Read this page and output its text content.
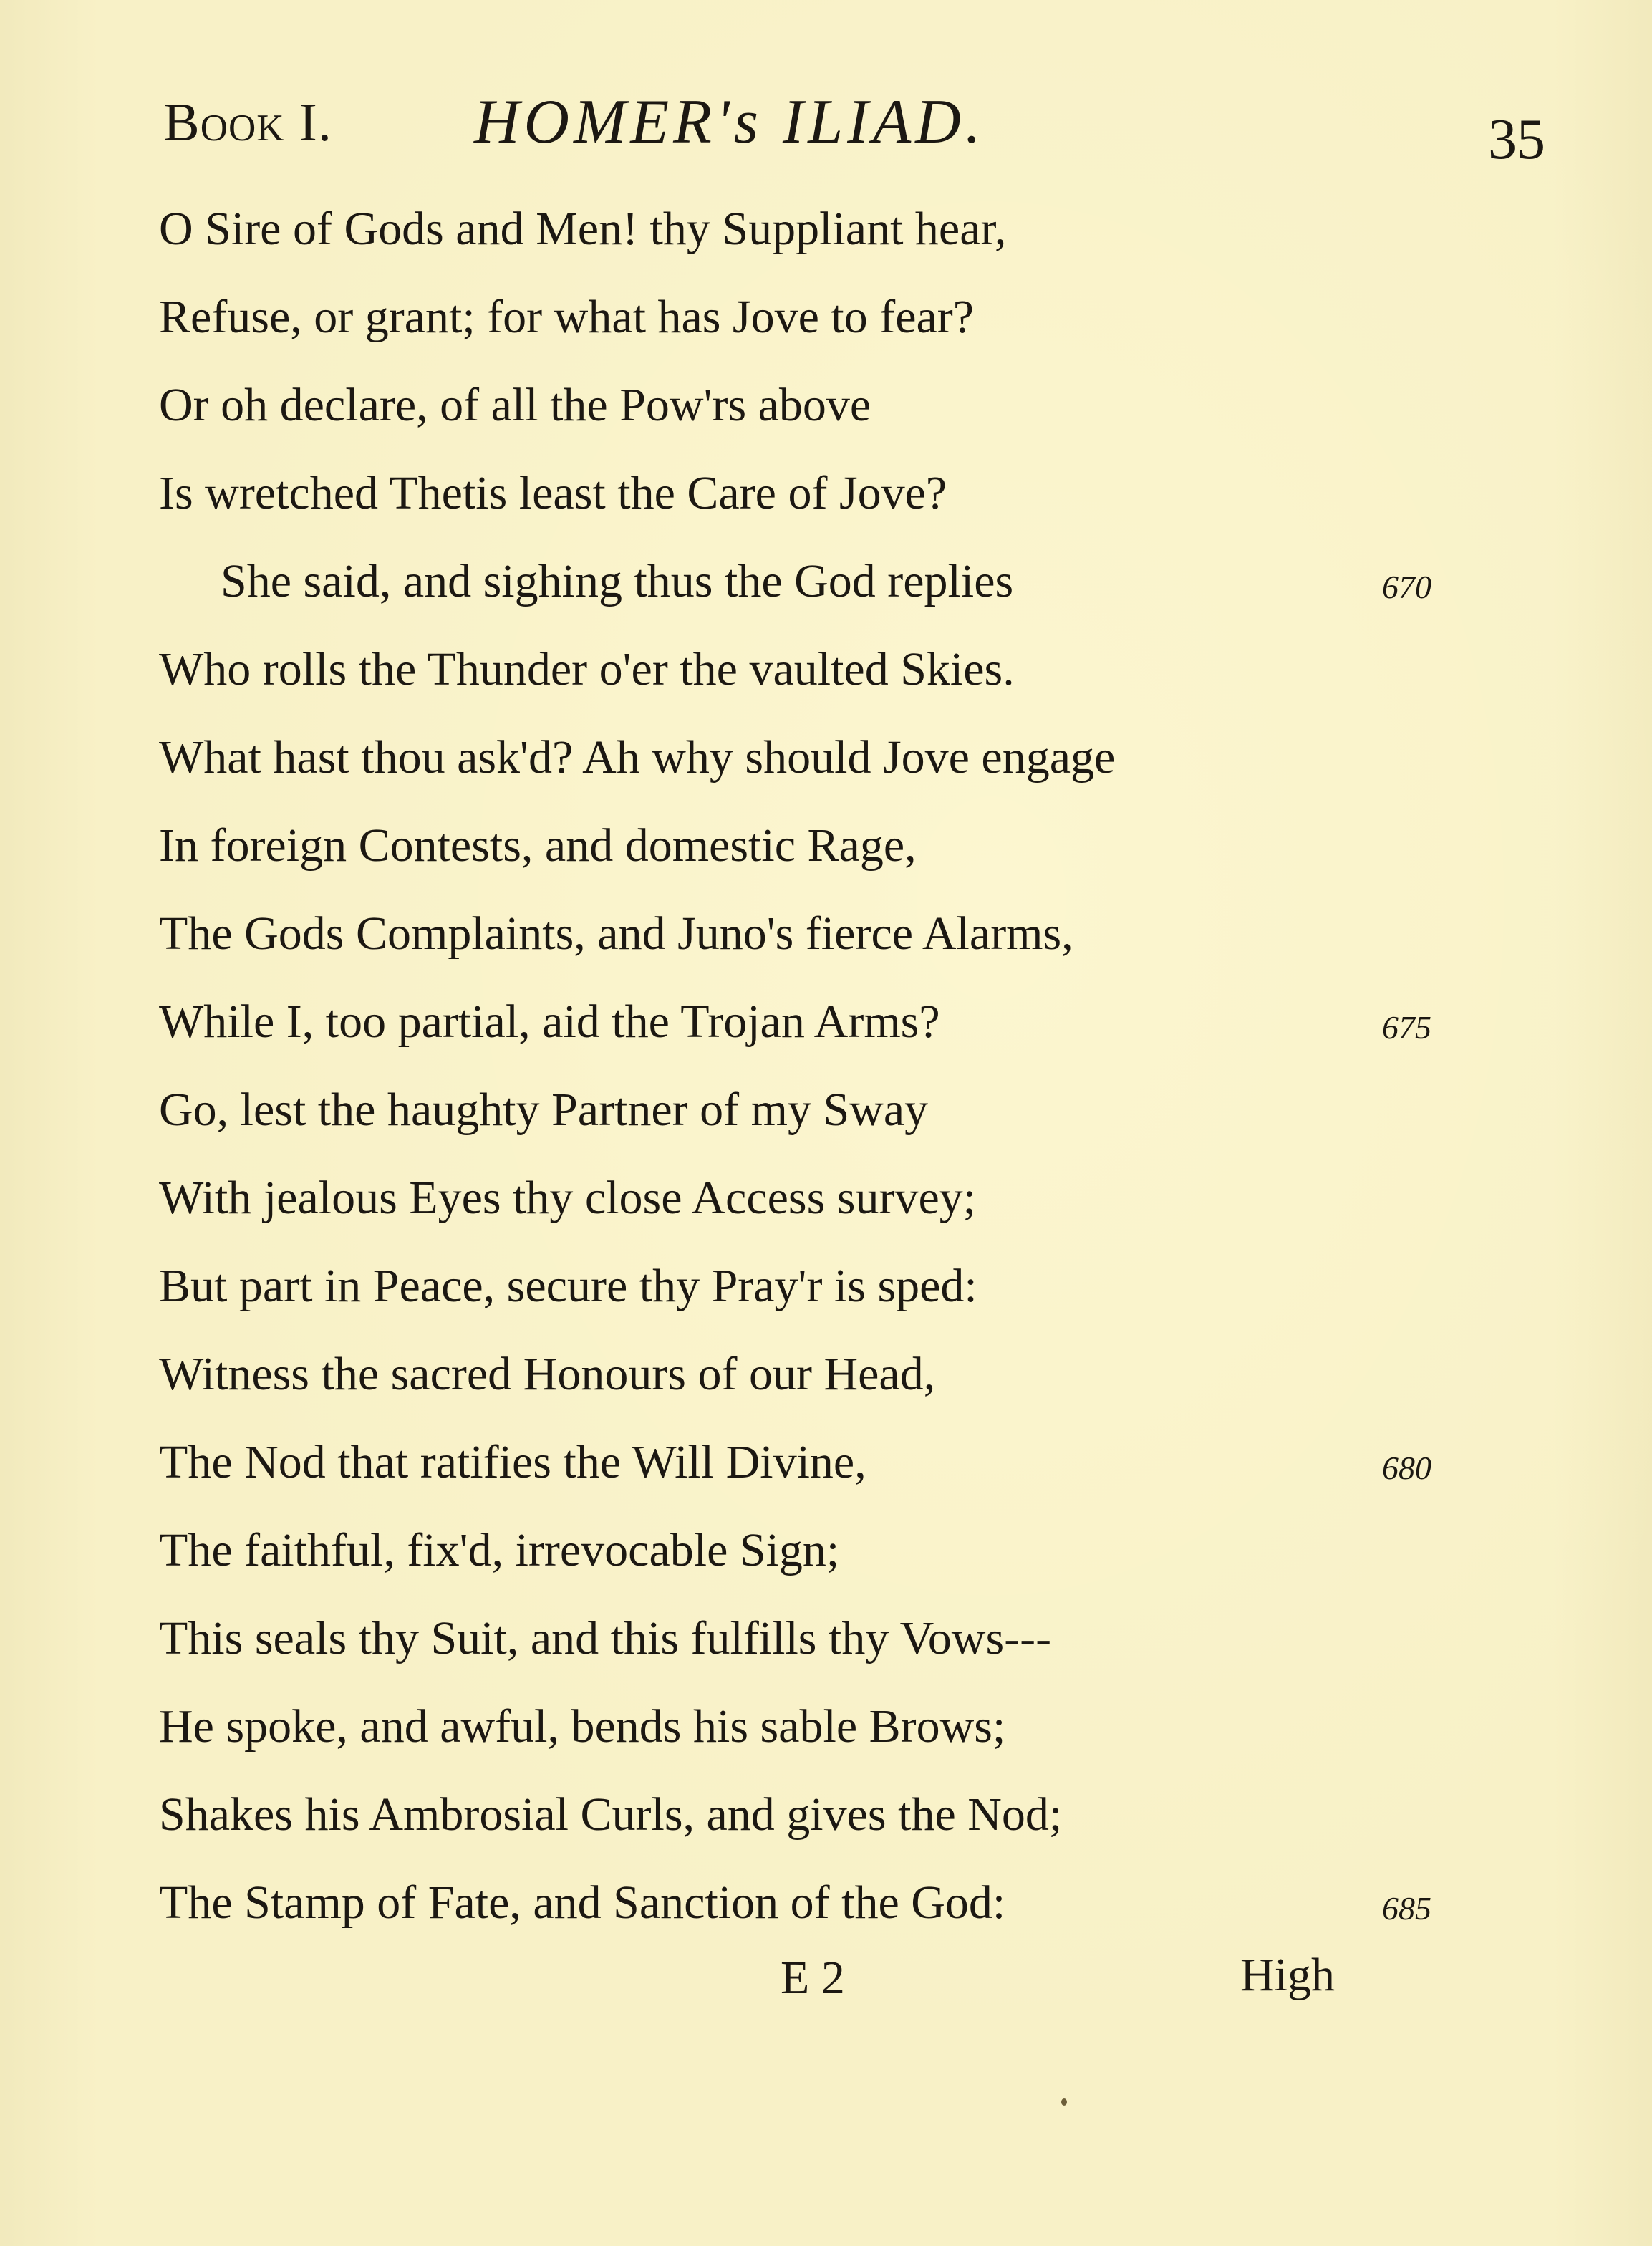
Book I. HOMER's ILIAD.	35
O Sire of Gods and Men! thy Suppliant hear,
Refuse, or grant; for what has Jove to fear?
Or oh declare, of all the Pow'rs above
Is wretched Thetis least the Care of Jove?
She said, and sighing thus the God replies
Who rolls the Thunder o'er the vaulted Skies.
What hast thou ask'd? Ah why should Jove engage
In foreign Contests, and domestic Rage,
The Gods Complaints, and Juno's fierce Alarms,
While I, too partial, aid the Trojan Arms?
Go, lest the haughty Partner of my Sway
With jealous Eyes thy close Access survey;
But part in Peace, secure thy Pray'r is sped:
Witness the sacred Honours of our Head,
The Nod that ratifies the Will Divine,
The faithful, fix'd, irrevocable Sign;
This seals thy Suit, and this fulfills thy Vows---
He spoke, and awful, bends his sable Brows;
Shakes his Ambrosial Curls, and gives the Nod;
The Stamp of Fate, and Sanction of the God:
670
675
680
685
E 2	High
